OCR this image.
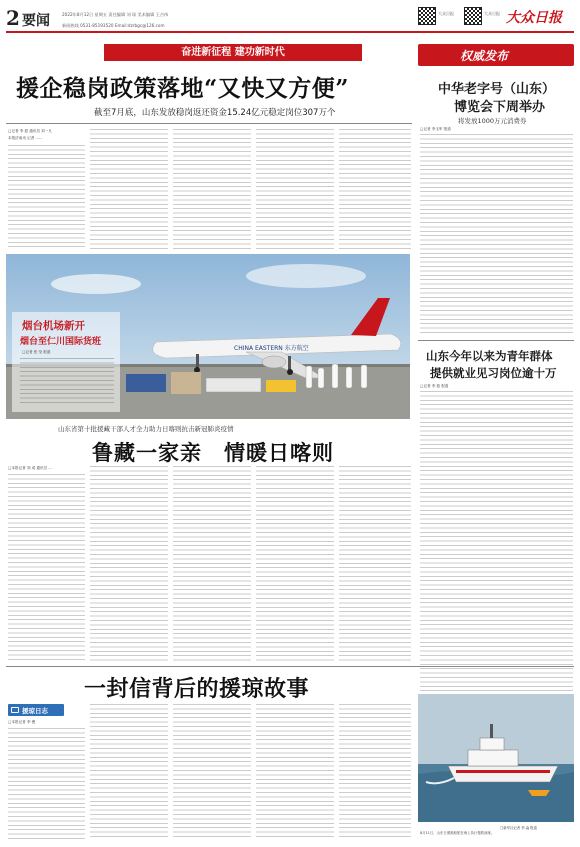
2 要闻	2022年8月12日 星期五 责任编辑 刘 琛 美术编辑 王吉伟
新闻热线 0531-85193520 Email:dzrbgc@126.com
大众日报	大众日报 大众日报
奋进新征程 建功新时代
援企稳岗政策落地“又快又方便”
截至7月底，山东发放稳岗返还资金15.24亿元稳定岗位307万个
□记者 李 振 通讯员 刘一凡
本报济南讯 记者 ……
权威发布
中华老字号（山东）
博览会下周举办
将发放1000万元消费券
□记者 李玉军 报道
山东今年以来为青年群体
提供就业见习岗位逾十万
□记者 李 振 报道
CHINA EASTERN 东方航空
烟台机场新开
烟台至仁川国际货班
□记者 张 莹 报道
山东省第十批援藏干部人才全力助力日喀则抗击新冠肺炎疫情
鲁藏一家亲　情暖日喀则
□本报记者 刘 成 通讯员 …
一封信背后的援琼故事
援琼日志
□本报记者 李 俊
□新华社记者 李 淼 报道
8月11日，山东日照港船舶在海上执行搜救演练。
